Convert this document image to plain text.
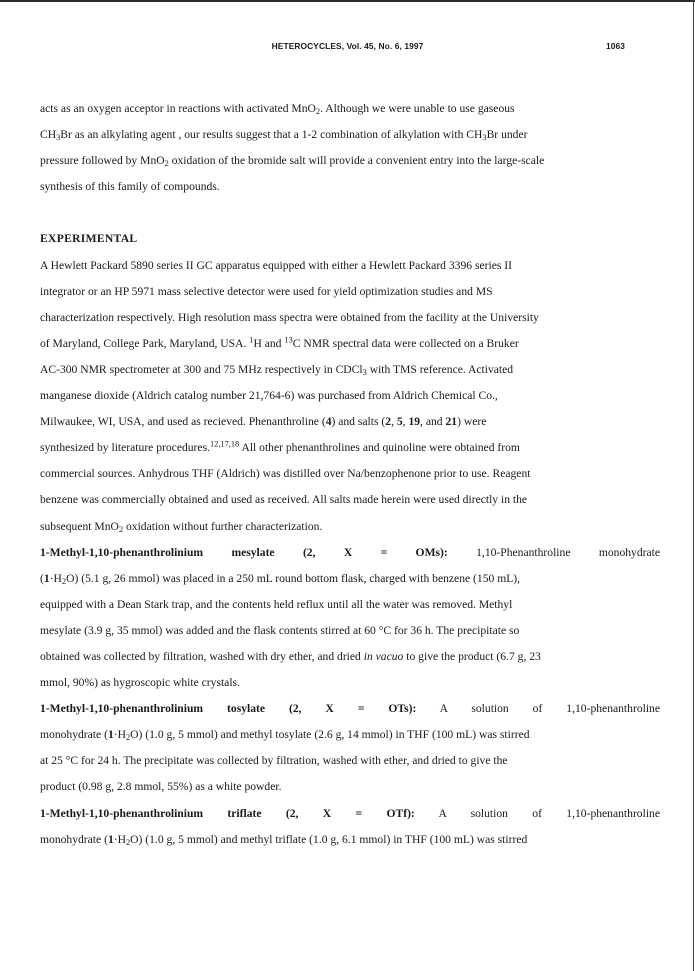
HETEROCYCLES, Vol. 45, No. 6, 1997	1063
acts as an oxygen acceptor in reactions with activated MnO$_2$. Although we were unable to use gaseous
$CH_3Br$ as an alkylating agent , our results suggest that a 1-2 combination of alkylation with $CH_3Br$ under
pressure followed by MnO$_2$ oxidation of the bromide salt will provide a convenient entry into the large-scale
synthesis of this family of compounds.
EXPERIMENTAL
A Hewlett Packard 5890 series II GC apparatus equipped with either a Hewlett Packard 3396 series II
integrator or an HP 5971 mass selective detector were used for yield optimization studies and MS
characterization respectively. High resolution mass spectra were obtained from the facility at the University
of Maryland, College Park, Maryland, USA. $^1$H and $^{13}$C NMR spectral data were collected on a Bruker
AC-300 NMR spectrometer at 300 and 75 MHz respectively in CDCl$_3$ with TMS reference. Activated
manganese dioxide (Aldrich catalog number 21,764-6) was purchased from Aldrich Chemical Co.,
Milwaukee, WI, USA, and used as recieved. Phenanthroline (4) and salts (2, 5, 19, and 21) were
synthesized by literature procedures.$^{12,17,18}$ All other phenanthrolines and quinoline were obtained from
commercial sources. Anhydrous THF (Aldrich) was distilled over Na/benzophenone prior to use. Reagent
benzene was commercially obtained and used as received. All salts made herein were used directly in the
subsequent MnO$_2$ oxidation without further characterization.
1-Methyl-1,10-phenanthrolinium mesylate (2, X = OMs): 1,10-Phenanthroline monohydrate
$(1\cdot H_2O)$ (5.1 g, 26 mmol) was placed in a 250 mL round bottom flask, charged with benzene (150 mL),
equipped with a Dean Stark trap, and the contents held reflux until all the water was removed. Methyl
mesylate (3.9 g, 35 mmol) was added and the flask contents stirred at 60 °C for 36 h. The precipitate so
obtained was collected by filtration, washed with dry ether, and dried in vacuo to give the product (6.7 g, 23
mmol, 90%) as hygroscopic white crystals.
1-Methyl-1,10-phenanthrolinium tosylate (2, X = OTs): A solution of 1,10-phenanthroline
monohydrate $(1\cdot H_2O)$ (1.0 g, 5 mmol) and methyl tosylate (2.6 g, 14 mmol) in THF (100 mL) was stirred
at 25 °C for 24 h. The precipitate was collected by filtration, washed with ether, and dried to give the
product (0.98 g, 2.8 mmol, 55%) as a white powder.
1-Methyl-1,10-phenanthrolinium triflate (2, X = OTf): A solution of 1,10-phenanthroline
monohydrate $(1\cdot H_2O)$ (1.0 g, 5 mmol) and methyl triflate (1.0 g, 6.1 mmol) in THF (100 mL) was stirred
